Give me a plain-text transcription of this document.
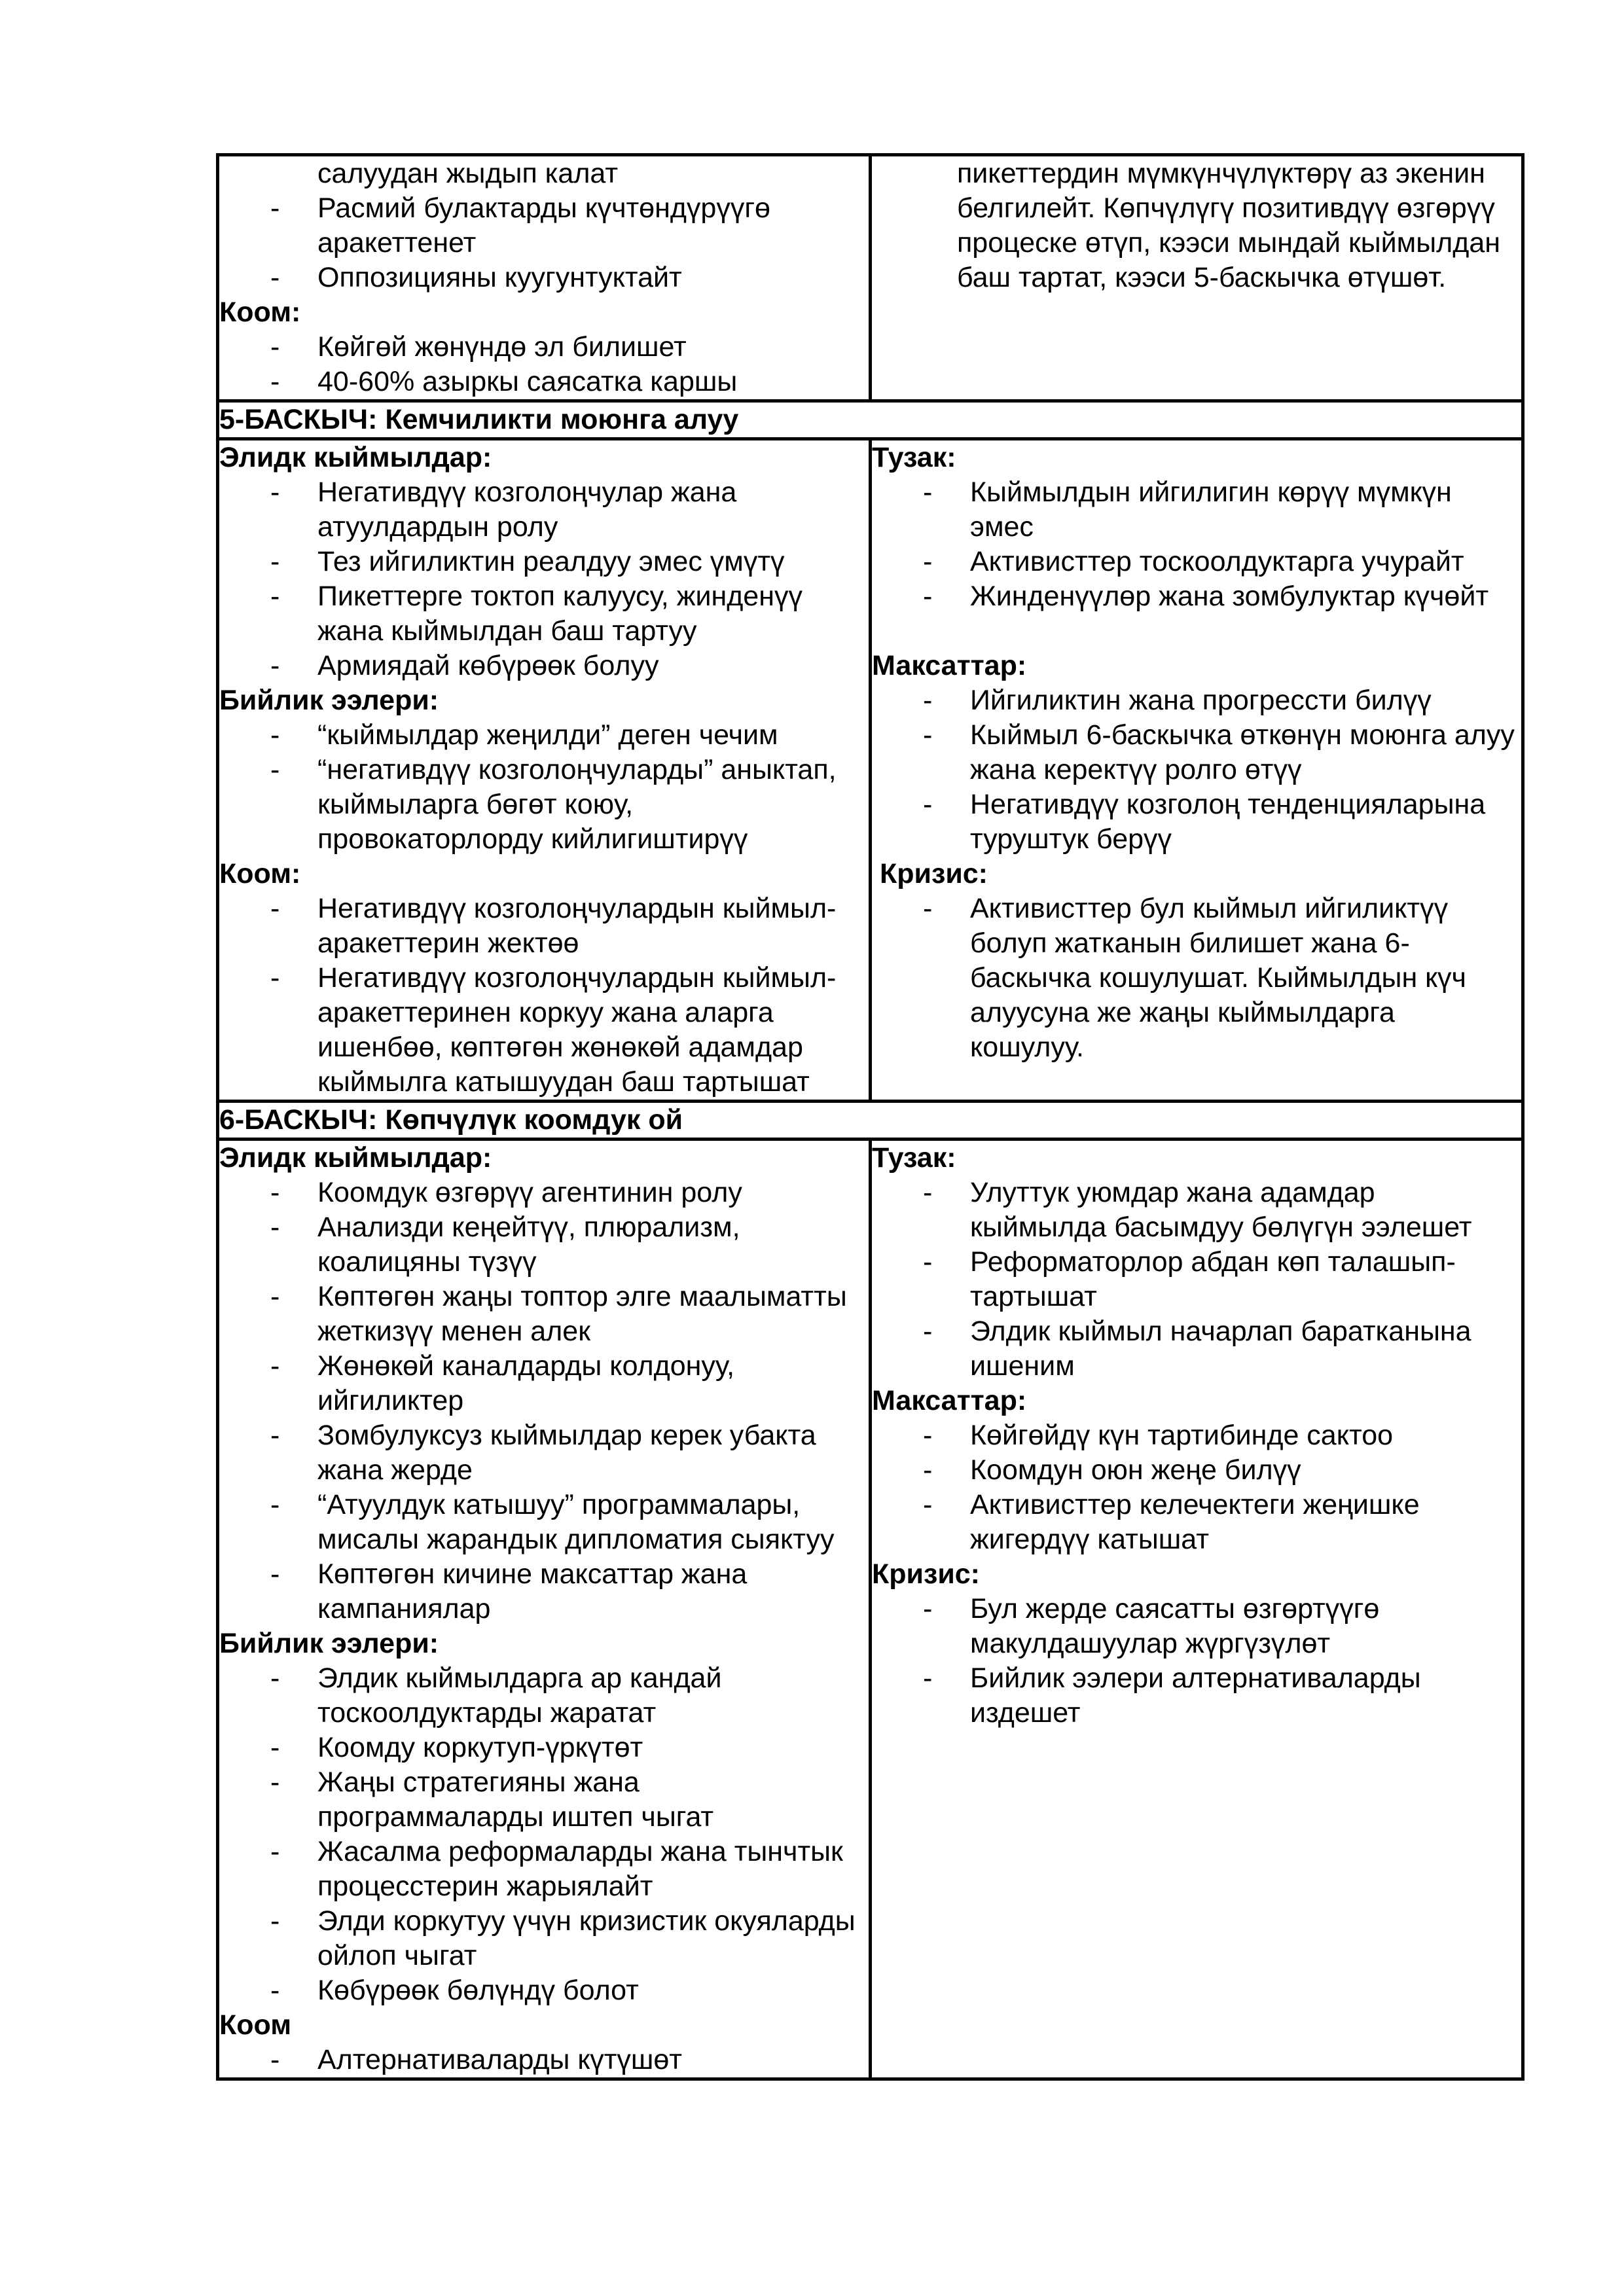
салуудан жыдып калат
- Расмий булактарды күчтөндүрүүгө аракеттенет
- Оппозицияны куугунтуктайт
Коом:
- Көйгөй жөнүндө эл билишет
- 40-60% азыркы саясатка каршы

пикеттердин мүмкүнчүлүктөрү аз экенин белгилейт. Көпчүлүгү позитивдүү өзгөрүү процеске өтүп, кээси мындай кыймылдан баш тартат, кээси 5-баскычка өтүшөт.

5-БАСКЫЧ: Кемчиликти моюнга алуу	

Элидк кыймылдар:
- Негативдүү козголоңчулар жана атуулдардын ролу
- Тез ийгиликтин реалдуу эмес үмүтү
- Пикеттерге токтоп калуусу, жинденүү жана кыймылдан баш тартуу
- Армиядай көбүрөөк болуу
Бийлик ээлери:
- “кыймылдар жеңилди” деген чечим
- “негативдүү козголоңчуларды” аныктап, кыймыларга бөгөт коюу, провокаторлорду кийлигиштирүү
Коом:
- Негативдүү козголоңчулардын кыймыл-аракеттерин жектөө
- Негативдүү козголоңчулардын кыймыл-аракеттеринен коркуу жана аларга ишенбөө, көптөгөн жөнөкөй адамдар кыймылга катышуудан баш тартышат

Тузак:
- Кыймылдын ийгилигин көрүү мүмкүн эмес
- Активисттер тоскоолдуктарга учурайт
- Жинденүүлөр жана зомбулуктар күчөйт
Максаттар:
- Ийгиликтин жана прогрессти билүү
- Кыймыл 6-баскычка өткөнүн моюнга алуу жана керектүү ролго өтүү
- Негативдүү козголоң тенденцияларына туруштук берүү
Кризис:
- Активисттер бул кыймыл ийгиликтүү болуп жатканын билишет жана 6-баскычка кошулушат. Кыймылдын күч алуусуна же жаңы кыймылдарга кошулуу.

6-БАСКЫЧ: Көпчүлүк коомдук ой	

Элидк кыймылдар:
- Коомдук өзгөрүү агентинин ролу
- Анализди кеңейтүү, плюрализм, коалицяны түзүү
- Көптөгөн жаңы топтор элге маалыматты жеткизүү менен алек
- Жөнөкөй каналдарды колдонуу, ийгиликтер
- Зомбулуксуз кыймылдар керек убакта жана жерде
- “Атуулдук катышуу” программалары, мисалы жарандык дипломатия сыяктуу
- Көптөгөн кичине максаттар жана кампаниялар
Бийлик ээлери:
- Элдик кыймылдарга ар кандай тоскоолдуктарды жаратат
- Коомду коркутуп-үркүтөт
- Жаңы стратегияны жана программаларды иштеп чыгат
- Жасалма реформаларды жана тынчтык процесстерин жарыялайт
- Элди коркутуу үчүн кризистик окуяларды ойлоп чыгат
- Көбүрөөк бөлүндү болот
Коом
- Алтернативаларды күтүшөт

Тузак:
- Улуттук уюмдар жана адамдар кыймылда басымдуу бөлүгүн ээлешет
- Реформаторлор абдан көп талашып-тартышат
- Элдик кыймыл начарлап баратканына ишеним
Максаттар:
- Көйгөйдү күн тартибинде сактоо
- Коомдун оюн жеңе билүү
- Активисттер келечектеги жеңишке жигердүү катышат
Кризис:
- Бул жерде саясатты өзгөртүүгө макулдашуулар жүргүзүлөт
- Бийлик ээлери алтернативаларды издешет
